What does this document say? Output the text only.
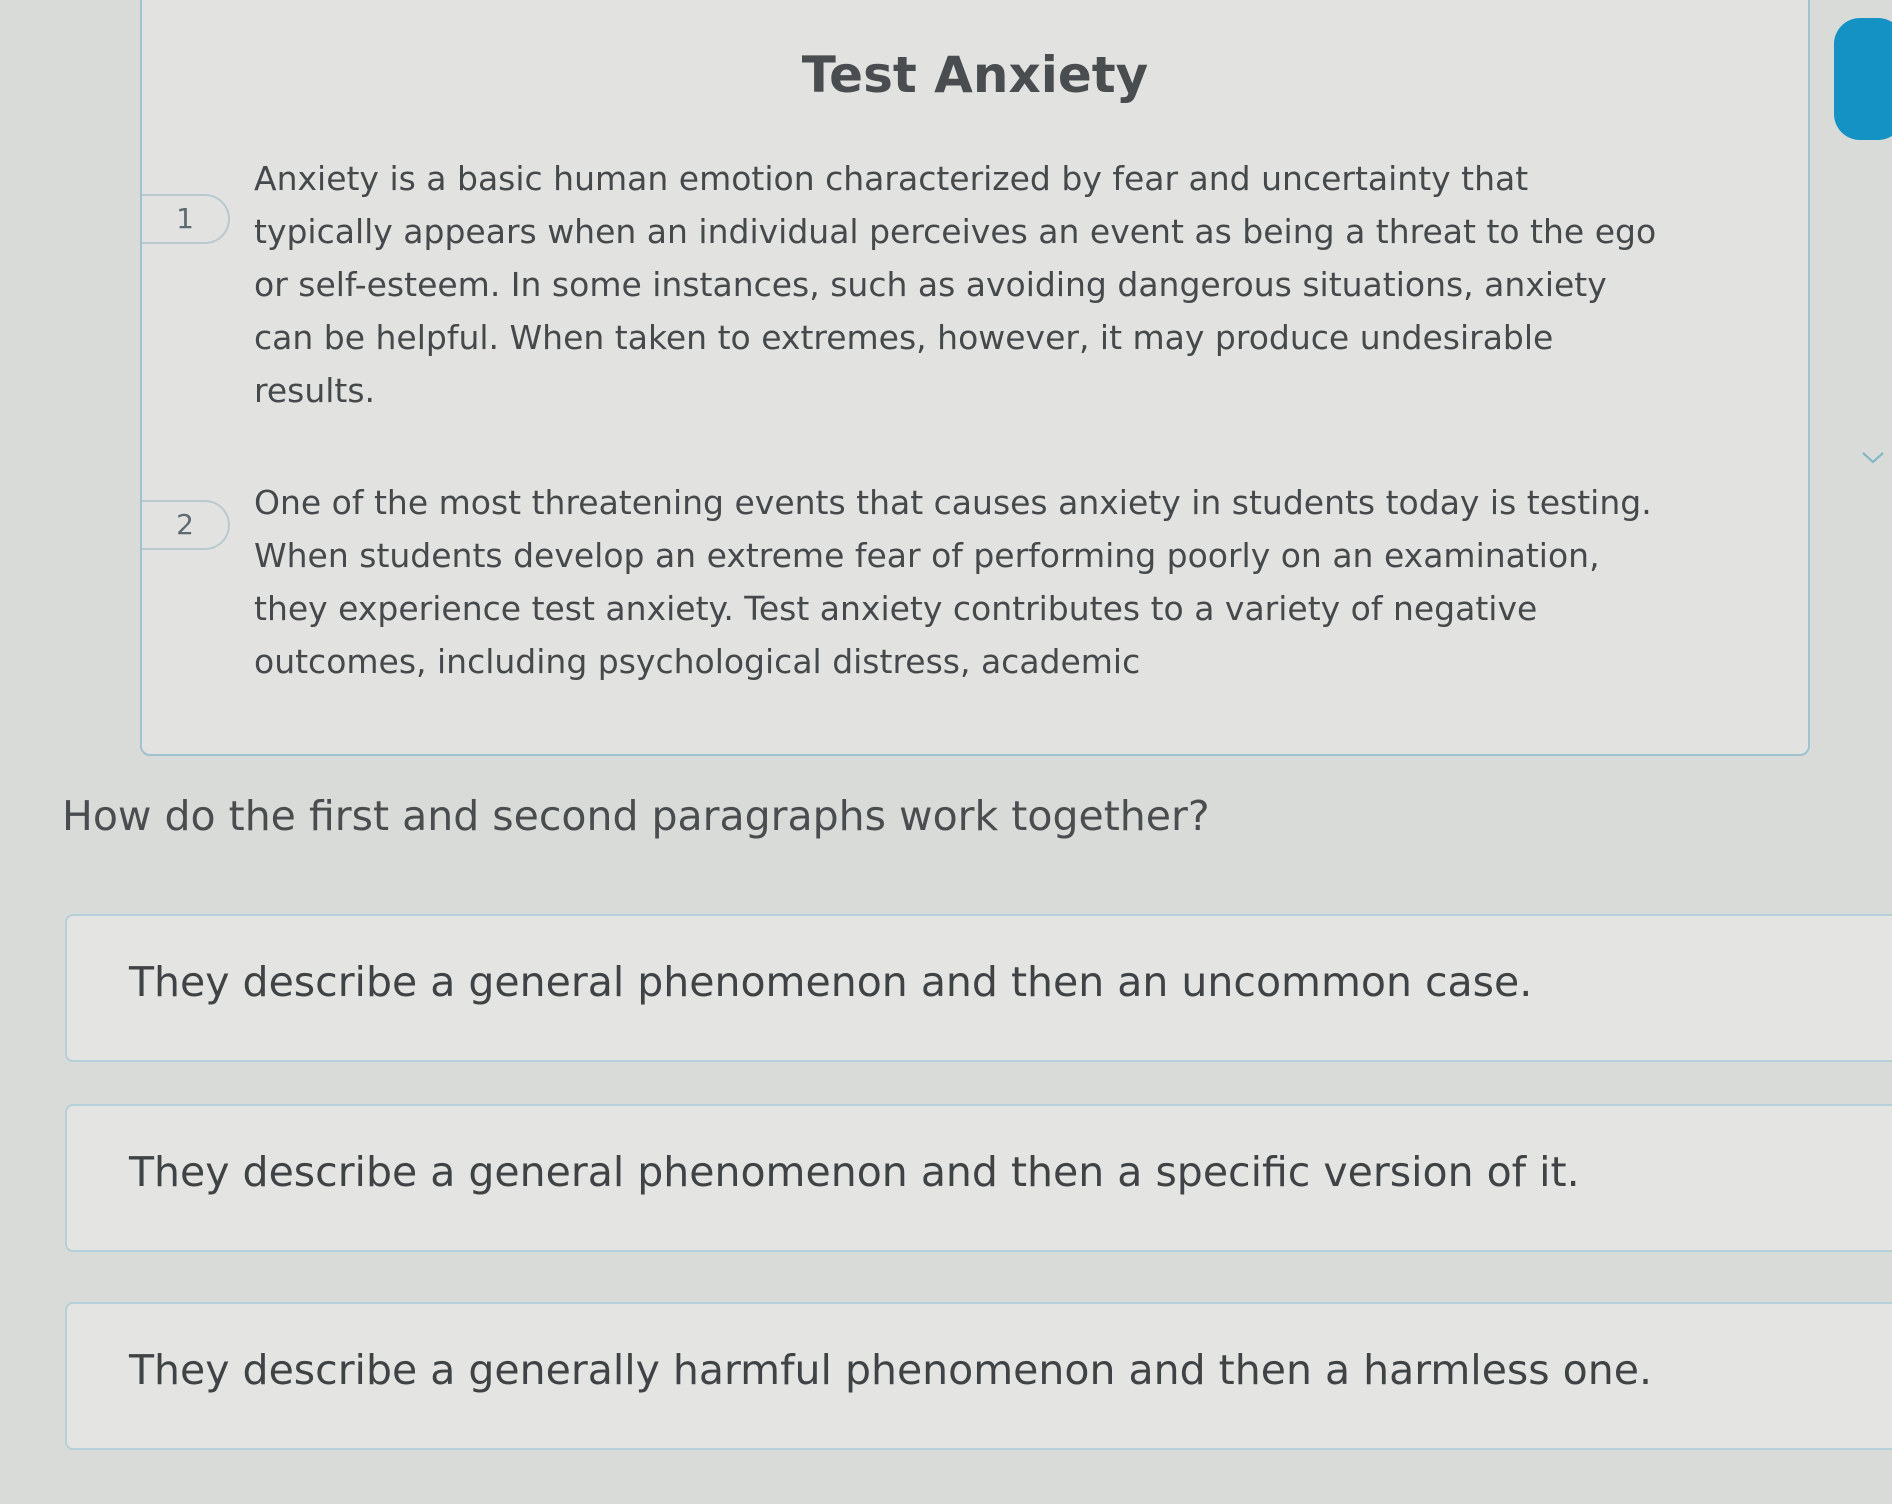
Test Anxiety
1
Anxiety is a basic human emotion characterized by fear and uncertainty that typically appears when an individual perceives an event as being a threat to the ego or self-esteem. In some instances, such as avoiding dangerous situations, anxiety can be helpful. When taken to extremes, however, it may produce undesirable results.
2
One of the most threatening events that causes anxiety in students today is testing. When students develop an extreme fear of performing poorly on an examination, they experience test anxiety. Test anxiety contributes to a variety of negative outcomes, including psychological distress, academic
How do the first and second paragraphs work together?
They describe a general phenomenon and then an uncommon case.
They describe a general phenomenon and then a specific version of it.
They describe a generally harmful phenomenon and then a harmless one.
